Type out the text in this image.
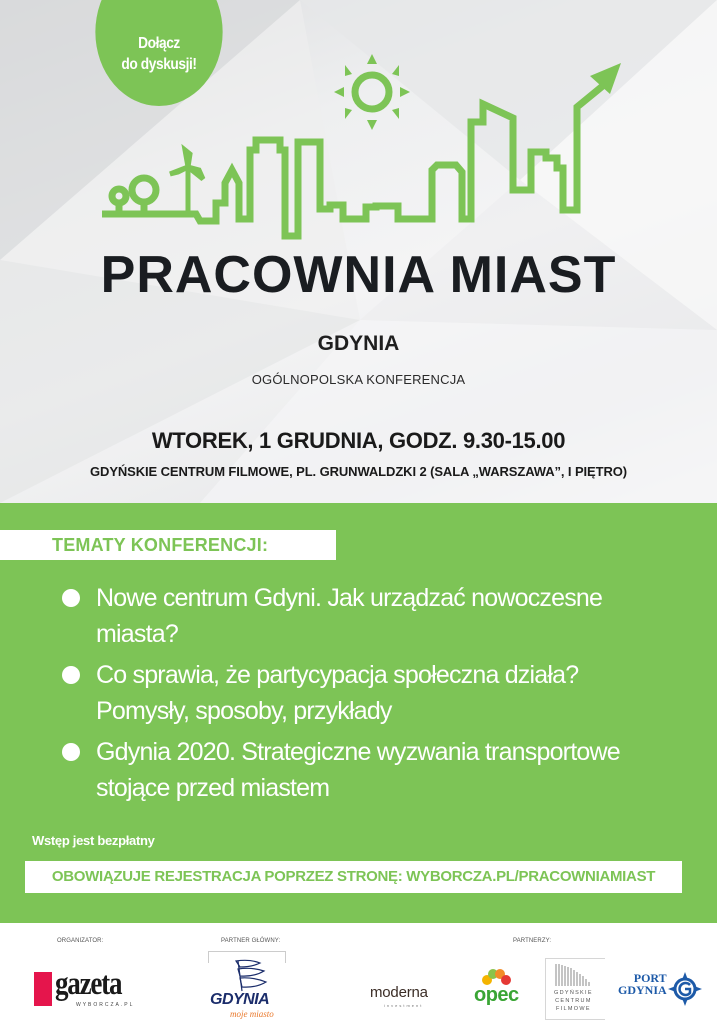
Dołącz
do dyskusji!
PRACOWNIA MIAST
GDYNIA
OGÓLNOPOLSKA KONFERENCJA
WTOREK, 1 GRUDNIA, GODZ. 9.30-15.00
GDYŃSKIE CENTRUM FILMOWE, PL. GRUNWALDZKI 2 (SALA „WARSZAWA”, I PIĘTRO)
TEMATY KONFERENCJI:
Nowe centrum Gdyni. Jak urządzać nowoczesne
miasta?
Co sprawia, że partycypacja społeczna działa?
Pomysły, sposoby, przykłady
Gdynia 2020. Strategiczne wyzwania transportowe
stojące przed miastem
Wstęp jest bezpłatny
OBOWIĄZUJE REJESTRACJA POPRZEZ STRONĘ: WYBORCZA.PL/PRACOWNIAMIAST
ORGANIZATOR:	PARTNER GŁÓWNY:	PARTNERZY:
gazeta
WYBORCZA.PL	GDYNIA
moje miasto
moderna
investment	opec	GDYŃSKIE
CENTRUM
FILMOWE
PORT
GDYNIA
